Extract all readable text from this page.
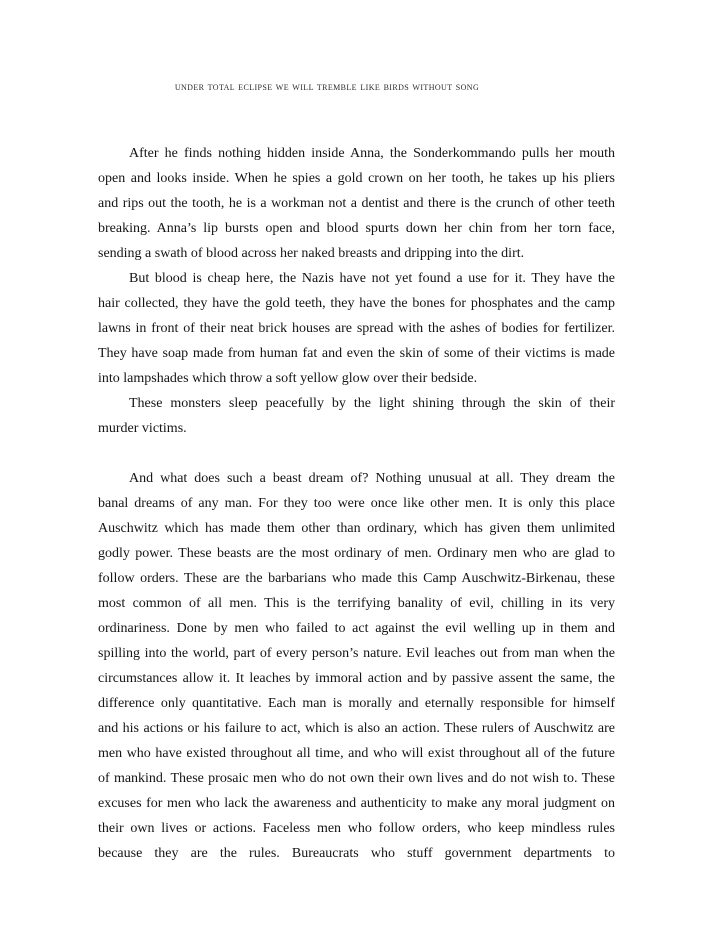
UNDER TOTAL ECLIPSE WE WILL TREMBLE LIKE BIRDS WITHOUT SONG
After he finds nothing hidden inside Anna, the Sonderkommando pulls her mouth
open and looks inside. When he spies a gold crown on her tooth, he takes up his pliers
and rips out the tooth, he is a workman not a dentist and there is the crunch of other teeth
breaking. Anna’s lip bursts open and blood spurts down her chin from her torn face,
sending a swath of blood across her naked breasts and dripping into the dirt.
But blood is cheap here, the Nazis have not yet found a use for it. They have the
hair collected, they have the gold teeth, they have the bones for phosphates and the camp
lawns in front of their neat brick houses are spread with the ashes of bodies for fertilizer.
They have soap made from human fat and even the skin of some of their victims is made
into lampshades which throw a soft yellow glow over their bedside.
These monsters sleep peacefully by the light shining through the skin of their
murder victims.
And what does such a beast dream of? Nothing unusual at all. They dream the
banal dreams of any man. For they too were once like other men. It is only this place
Auschwitz which has made them other than ordinary, which has given them unlimited
godly power. These beasts are the most ordinary of men. Ordinary men who are glad to
follow orders. These are the barbarians who made this Camp Auschwitz-Birkenau, these
most common of all men. This is the terrifying banality of evil, chilling in its very
ordinariness. Done by men who failed to act against the evil welling up in them and
spilling into the world, part of every person’s nature. Evil leaches out from man when the
circumstances allow it. It leaches by immoral action and by passive assent the same, the
difference only quantitative. Each man is morally and eternally responsible for himself
and his actions or his failure to act, which is also an action. These rulers of Auschwitz are
men who have existed throughout all time, and who will exist throughout all of the future
of mankind. These prosaic men who do not own their own lives and do not wish to. These
excuses for men who lack the awareness and authenticity to make any moral judgment on
their own lives or actions. Faceless men who follow orders, who keep mindless rules
because they are the rules. Bureaucrats who stuff government departments to
